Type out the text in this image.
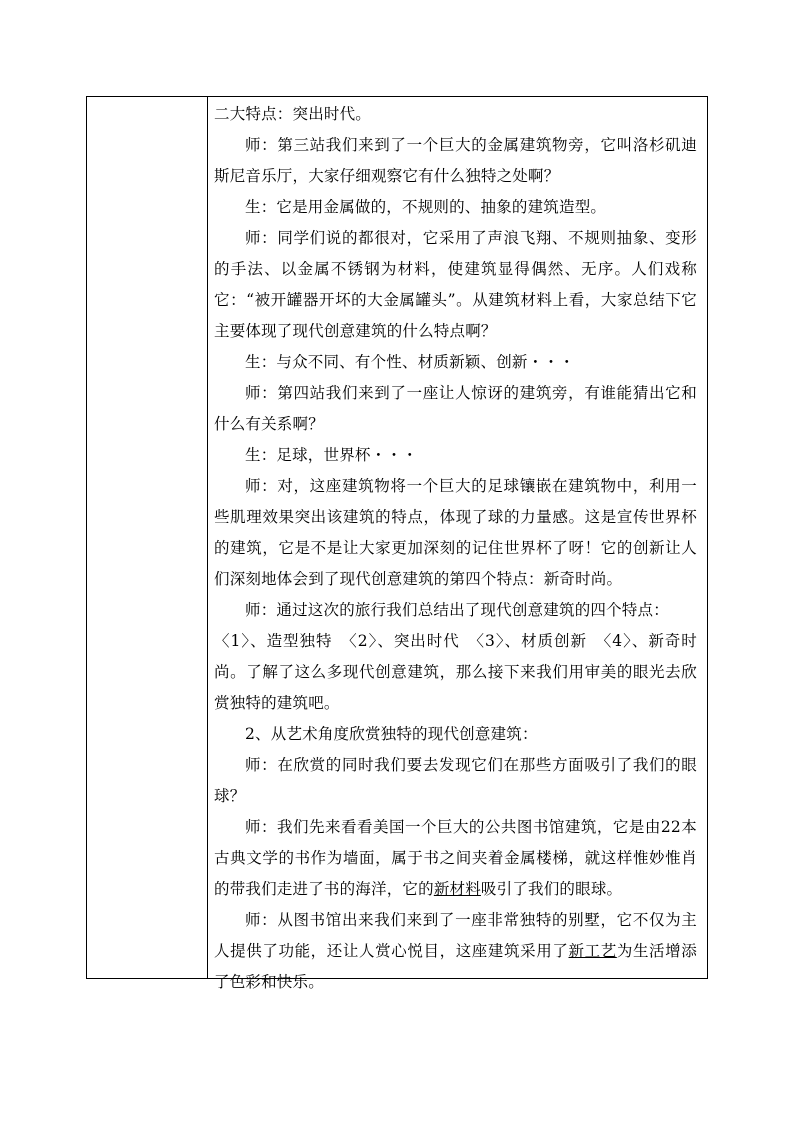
二大特点：突出时代。

师：第三站我们来到了一个巨大的金属建筑物旁，它叫洛杉矶迪斯尼音乐厅，大家仔细观察它有什么独特之处啊？

生：它是用金属做的，不规则的、抽象的建筑造型。

师：同学们说的都很对，它采用了声浪飞翔、不规则抽象、变形的手法、以金属不锈钢为材料，使建筑显得偶然、无序。人们戏称它：“被开罐器开坏的大金属罐头”。从建筑材料上看，大家总结下它主要体现了现代创意建筑的什么特点啊？

生：与众不同、有个性、材质新颖、创新・・・

师：第四站我们来到了一座让人惊讶的建筑旁，有谁能猜出它和什么有关系啊？

生：足球，世界杯・・・

师：对，这座建筑物将一个巨大的足球镶嵌在建筑物中，利用一些肌理效果突出该建筑的特点，体现了球的力量感。这是宣传世界杯的建筑，它是不是让大家更加深刻的记住世界杯了呀！它的创新让人们深刻地体会到了现代创意建筑的第四个特点：新奇时尚。

师：通过这次的旅行我们总结出了现代创意建筑的四个特点：

〈1〉、造型独特　〈2〉、突出时代　〈3〉、材质创新　〈4〉、新奇时尚。了解了这么多现代创意建筑，那么接下来我们用审美的眼光去欣赏独特的建筑吧。

2、从艺术角度欣赏独特的现代创意建筑：

师：在欣赏的同时我们要去发现它们在那些方面吸引了我们的眼球？

师：我们先来看看美国一个巨大的公共图书馆建筑，它是由22本古典文学的书作为墙面，属于书之间夹着金属楼梯，就这样惟妙惟肖的带我们走进了书的海洋，它的新材料吸引了我们的眼球。

师：从图书馆出来我们来到了一座非常独特的别墅，它不仅为主人提供了功能，还让人赏心悦目，这座建筑采用了新工艺为生活增添了色彩和快乐。
